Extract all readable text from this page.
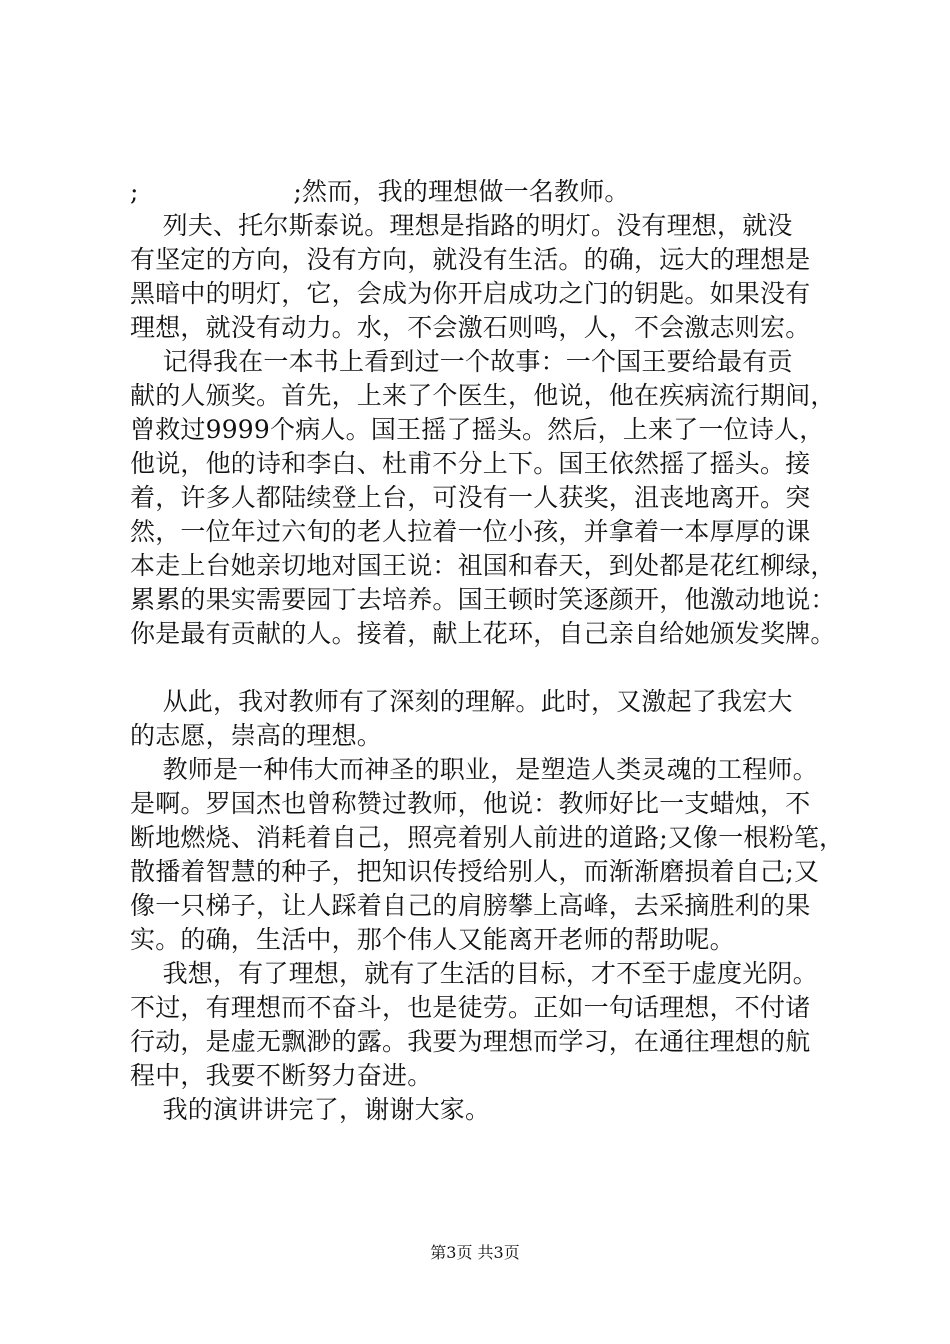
;                   ;然而，我的理想做一名教师。
列夫、托尔斯泰说。理想是指路的明灯。没有理想，就没
有坚定的方向，没有方向，就没有生活。的确，远大的理想是
黑暗中的明灯，它，会成为你开启成功之门的钥匙。如果没有
理想，就没有动力。水，不会激石则鸣，人，不会激志则宏。
记得我在一本书上看到过一个故事：一个国王要给最有贡
献的人颁奖。首先，上来了个医生，他说，他在疾病流行期间，
曾救过9999个病人。国王摇了摇头。然后，上来了一位诗人，
他说，他的诗和李白、杜甫不分上下。国王依然摇了摇头。接
着，许多人都陆续登上台，可没有一人获奖，沮丧地离开。突
然，一位年过六旬的老人拉着一位小孩，并拿着一本厚厚的课
本走上台她亲切地对国王说：祖国和春天，到处都是花红柳绿，
累累的果实需要园丁去培养。国王顿时笑逐颜开，他激动地说：
你是最有贡献的人。接着，献上花环，自己亲自给她颁发奖牌。
从此，我对教师有了深刻的理解。此时，又激起了我宏大
的志愿，崇高的理想。
教师是一种伟大而神圣的职业，是塑造人类灵魂的工程师。
是啊。罗国杰也曾称赞过教师，他说：教师好比一支蜡烛，不
断地燃烧、消耗着自己，照亮着别人前进的道路;又像一根粉笔，
散播着智慧的种子，把知识传授给别人，而渐渐磨损着自己;又
像一只梯子，让人踩着自己的肩膀攀上高峰，去采摘胜利的果
实。的确，生活中，那个伟人又能离开老师的帮助呢。
我想，有了理想，就有了生活的目标，才不至于虚度光阴。
不过，有理想而不奋斗，也是徒劳。正如一句话理想，不付诸
行动，是虚无飘渺的露。我要为理想而学习，在通往理想的航
程中，我要不断努力奋进。
我的演讲讲完了，谢谢大家。
第3页 共3页
